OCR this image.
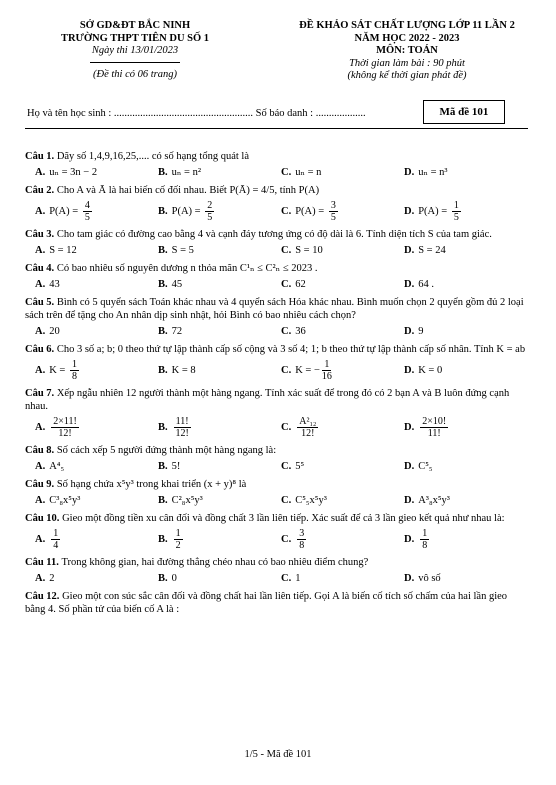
SỞ GD&ĐT BẮC NINH
TRƯỜNG THPT TIÊN DU SỐ 1
Ngày thi 13/01/2023
(Đề thi có 06 trang)
ĐỀ KHẢO SÁT CHẤT LƯỢNG LỚP 11 LẦN 2
NĂM HỌC 2022 - 2023
MÔN: TOÁN
Thời gian làm bài : 90 phút
(không kể thời gian phát đề)
Họ và tên học sinh : ..................................................... Số báo danh : ...................	Mã đề 101

Câu 1. Dãy số 1,4,9,16,25,.... có số hạng tổng quát là

A. uₙ = 3n − 2	B. uₙ = n²	C. uₙ = n	D. uₙ = n³

Câu 2. Cho A và Ā là hai biến cố đối nhau. Biết P(Ā) = 4/5, tính P(A)

A. $P(A) = \frac{4}{5}$	B. $P(A) = \frac{2}{5}$	C. $P(A) = \frac{3}{5}$	D. $P(A) = \frac{1}{5}$

Câu 3. Cho tam giác có đường cao bằng 4 và cạnh đáy tương ứng có độ dài là 6. Tính diện tích S của tam giác.

A. S = 12	B. S = 5	C. S = 10	D. S = 24

Câu 4. Có bao nhiêu số nguyên dương n thỏa mãn C¹ₙ ≤ C²ₙ ≤ 2023 .

A. 43	B. 45	C. 62	D. 64 .

Câu 5. Bình có 5 quyển sách Toán khác nhau và 4 quyển sách Hóa khác nhau. Bình muốn chọn 2 quyển gồm đủ 2 loại sách trên để tặng cho An nhân dịp sinh nhật, hỏi Bình có bao nhiêu cách chọn?

A. 20	B. 72	C. 36	D. 9

Câu 6. Cho 3 số a; b; 0 theo thứ tự lập thành cấp số cộng và 3 số 4; 1; b theo thứ tự lập thành cấp số nhân. Tính K = ab

A. $K = \frac{1}{8}$	B. K = 8	C. K = − $\frac{1}{16}$	D. K = 0

Câu 7. Xếp ngẫu nhiên 12 người thành một hàng ngang. Tính xác suất để trong đó có 2 bạn A và B luôn đứng cạnh nhau.

A. $\frac{2\times 11!}{12!}$	B. $\frac{11!}{12!}$	C. $\frac{\text{A²₁₂}}{12!}$	D. $\frac{2\times 10!}{11!}$

Câu 8. Số cách xếp 5 người đứng thành một hàng ngang là:

A. A⁴₅	B. 5!	C. 5⁵	D. C⁵₅

Câu 9. Số hạng chứa x⁵y³ trong khai triển (x + y)⁸ là

A. C³₈x⁵y³	B. C²₈x⁵y³	C. C⁵₅x⁵y³	D. A³₈x⁵y³

Câu 10. Gieo một đồng tiền xu cân đối và đồng chất 3 lần liên tiếp. Xác suất để cả 3 lần gieo kết quả như nhau là:

A. $\frac{1}{4}$	B. $\frac{1}{2}$	C. $\frac{3}{8}$	D. $\frac{1}{8}$

Câu 11. Trong không gian, hai đường thẳng chéo nhau có bao nhiêu điểm chung?

A. 2	B. 0	C. 1	D. vô số

Câu 12. Gieo một con súc sắc cân đối và đồng chất hai lần liên tiếp. Gọi A là biến cố tích số chấm của hai lần gieo bằng 4. Số phần tử của biến cố A là :

1/5 - Mã đề 101
